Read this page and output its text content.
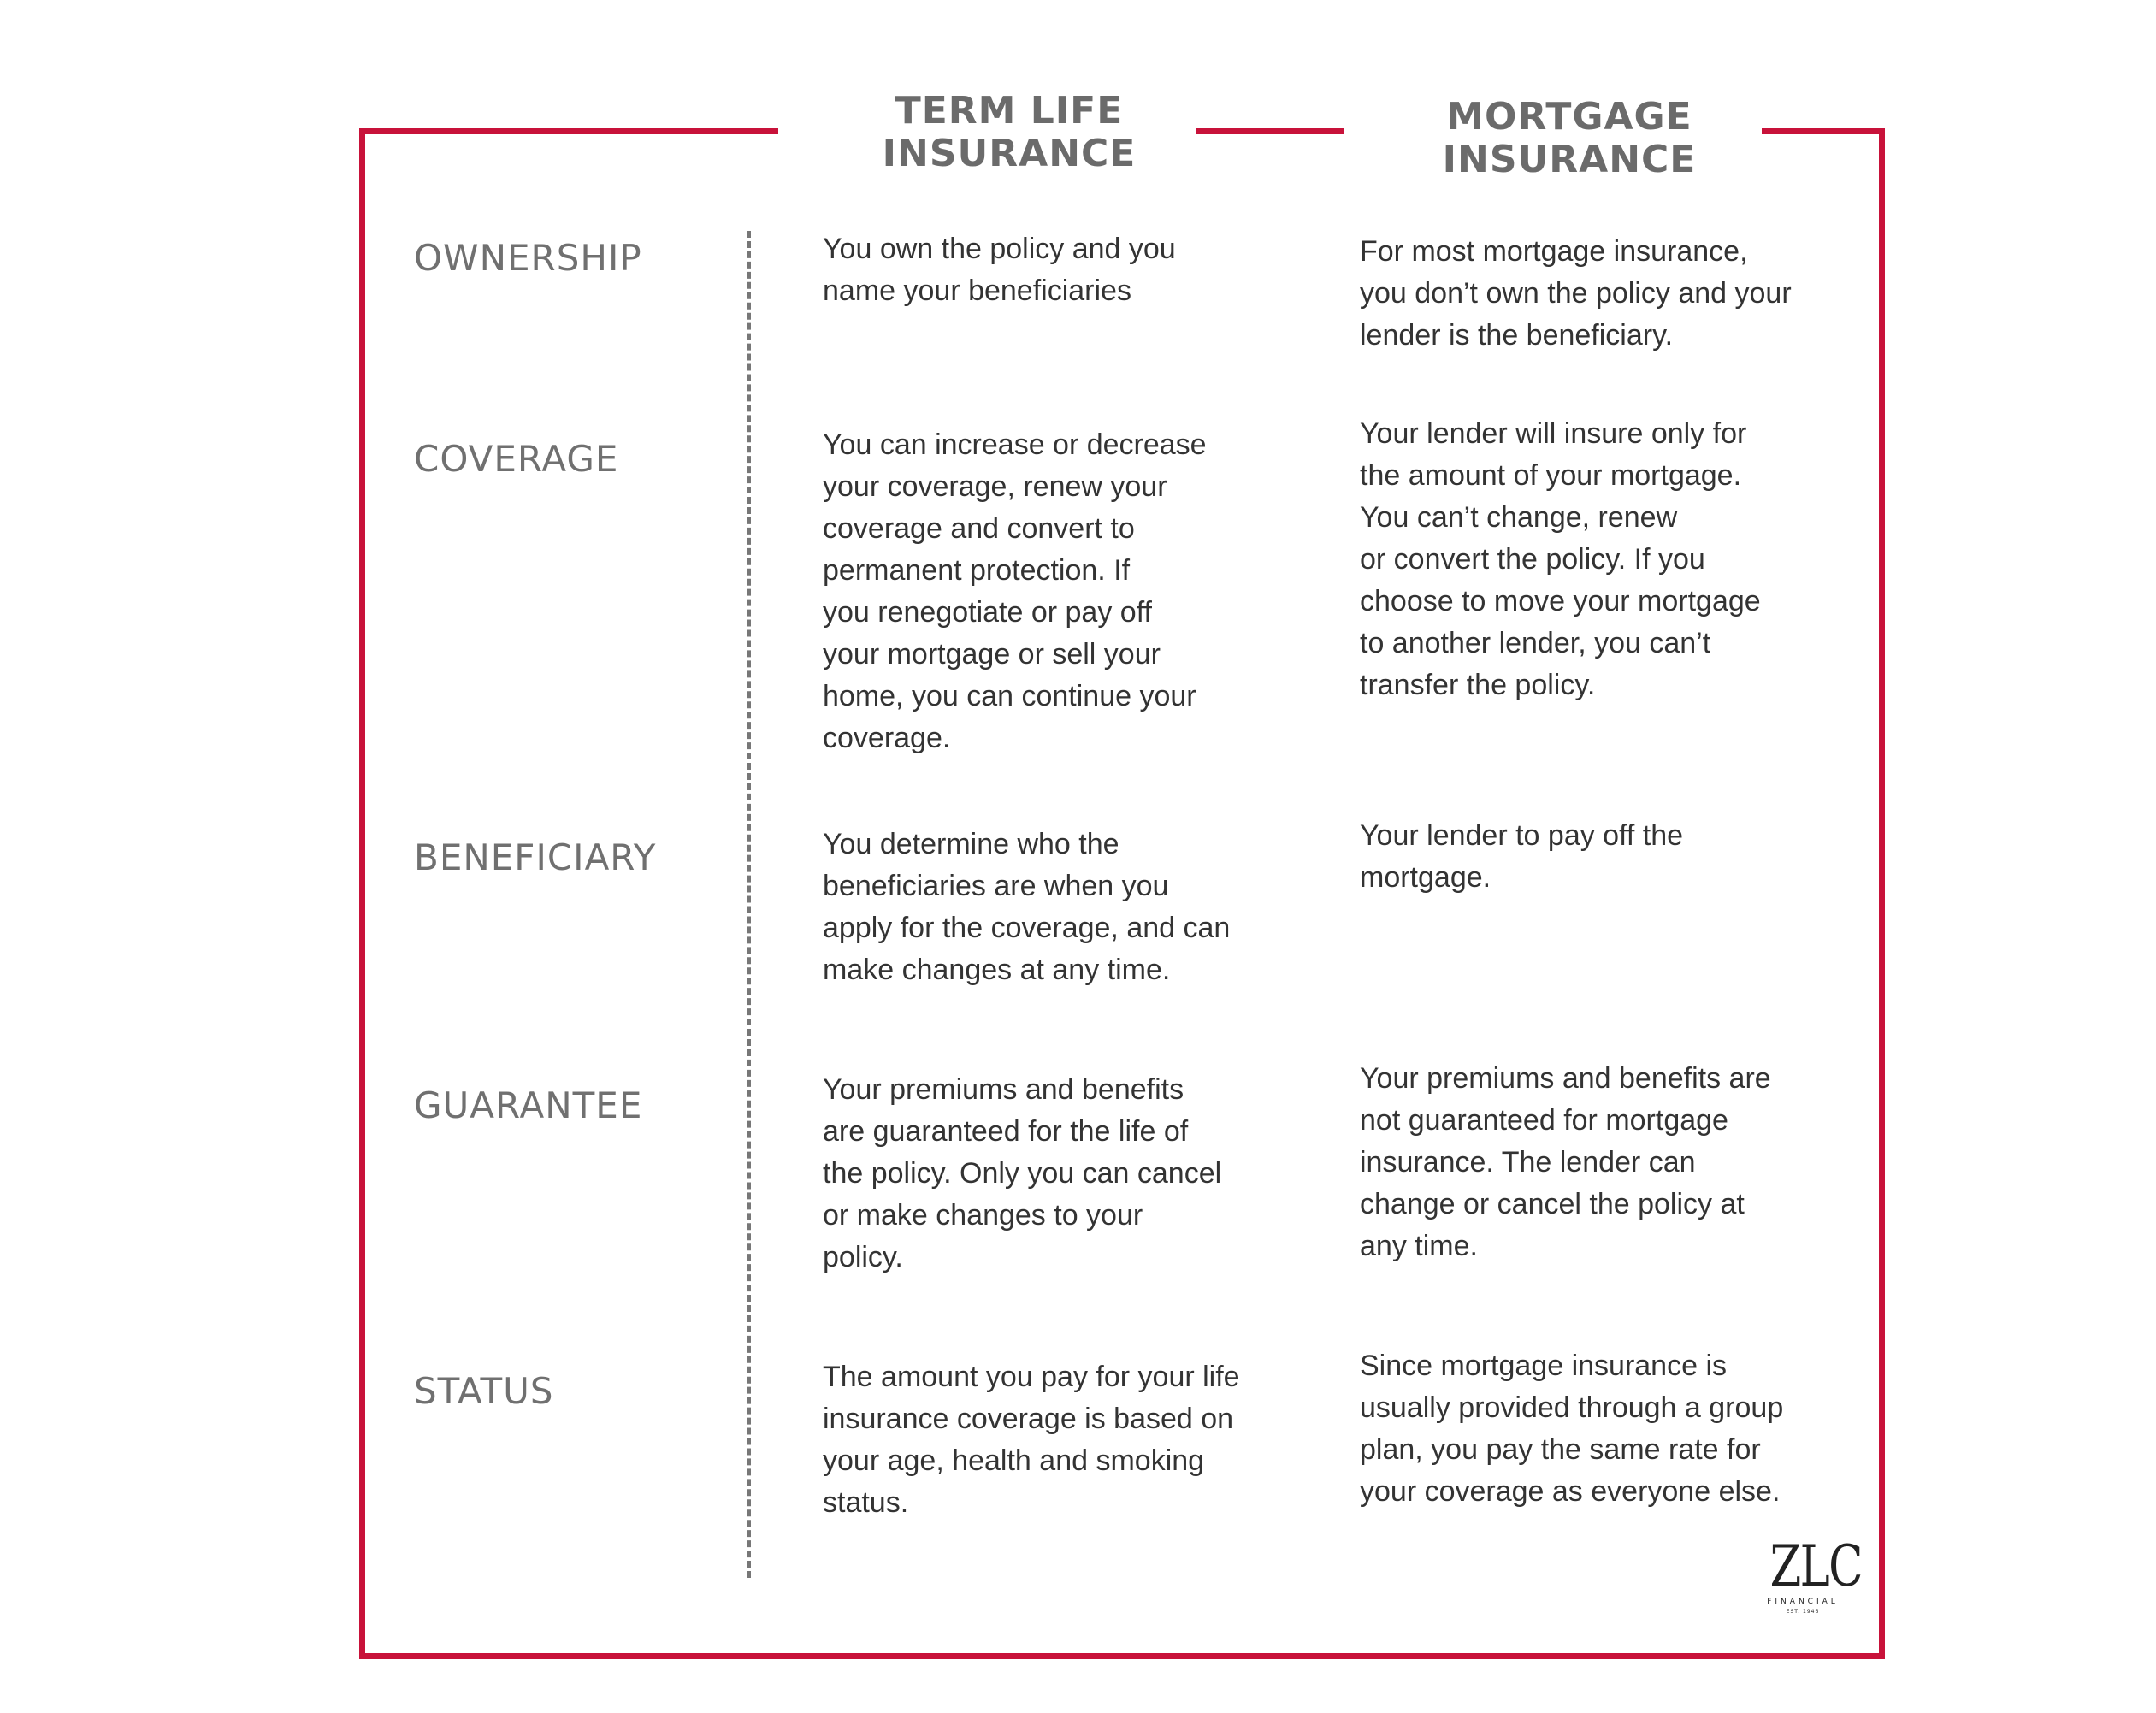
TERM LIFE
INSURANCE
MORTGAGE
INSURANCE
OWNERSHIP
COVERAGE
BENEFICIARY
GUARANTEE
STATUS
You own the policy and you
name your beneficiaries
You can increase or decrease
your coverage, renew your
coverage and convert to
permanent protection. If
you renegotiate or pay off
your mortgage or sell your
home, you can continue your
coverage.
You determine who the
beneficiaries are when you
apply for the coverage, and can
make changes at any time.
Your premiums and benefits
are guaranteed for the life of
the policy. Only you can cancel
or make changes to your
policy.
The amount you pay for your life
insurance coverage is based on
your age, health and smoking
status.
For most mortgage insurance,
you don’t own the policy and your
lender is the beneficiary.
Your lender will insure only for
the amount of your mortgage.
You can’t change, renew
or convert the policy. If you
choose to move your mortgage
to another lender, you can’t
transfer the policy.
Your lender to pay off the
mortgage.
Your premiums and benefits are
not guaranteed for mortgage
insurance. The lender can
change or cancel the policy at
any time.
Since mortgage insurance is
usually provided through a group
plan, you pay the same rate for
your coverage as everyone else.
ZLC
FINANCIAL
EST. 1946
